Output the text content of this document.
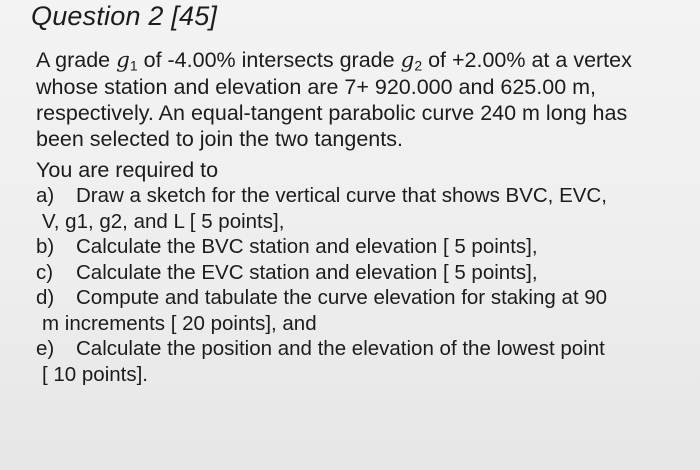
Question 2 [45]
A grade $g_1$ of -4.00% intersects grade $g_2$ of +2.00% at a vertex
whose station and elevation are 7+ 920.000 and 625.00 m,
respectively. An equal-tangent parabolic curve 240 m long has
been selected to join the two tangents.
You are required to
a) Draw a sketch for the vertical curve that shows BVC, EVC,
V, g1, g2, and L [ 5 points],
b) Calculate the BVC station and elevation [ 5 points],
c) Calculate the EVC station and elevation [ 5 points],
d) Compute and tabulate the curve elevation for staking at 90
m increments [ 20 points], and
e) Calculate the position and the elevation of the lowest point
[ 10 points].
